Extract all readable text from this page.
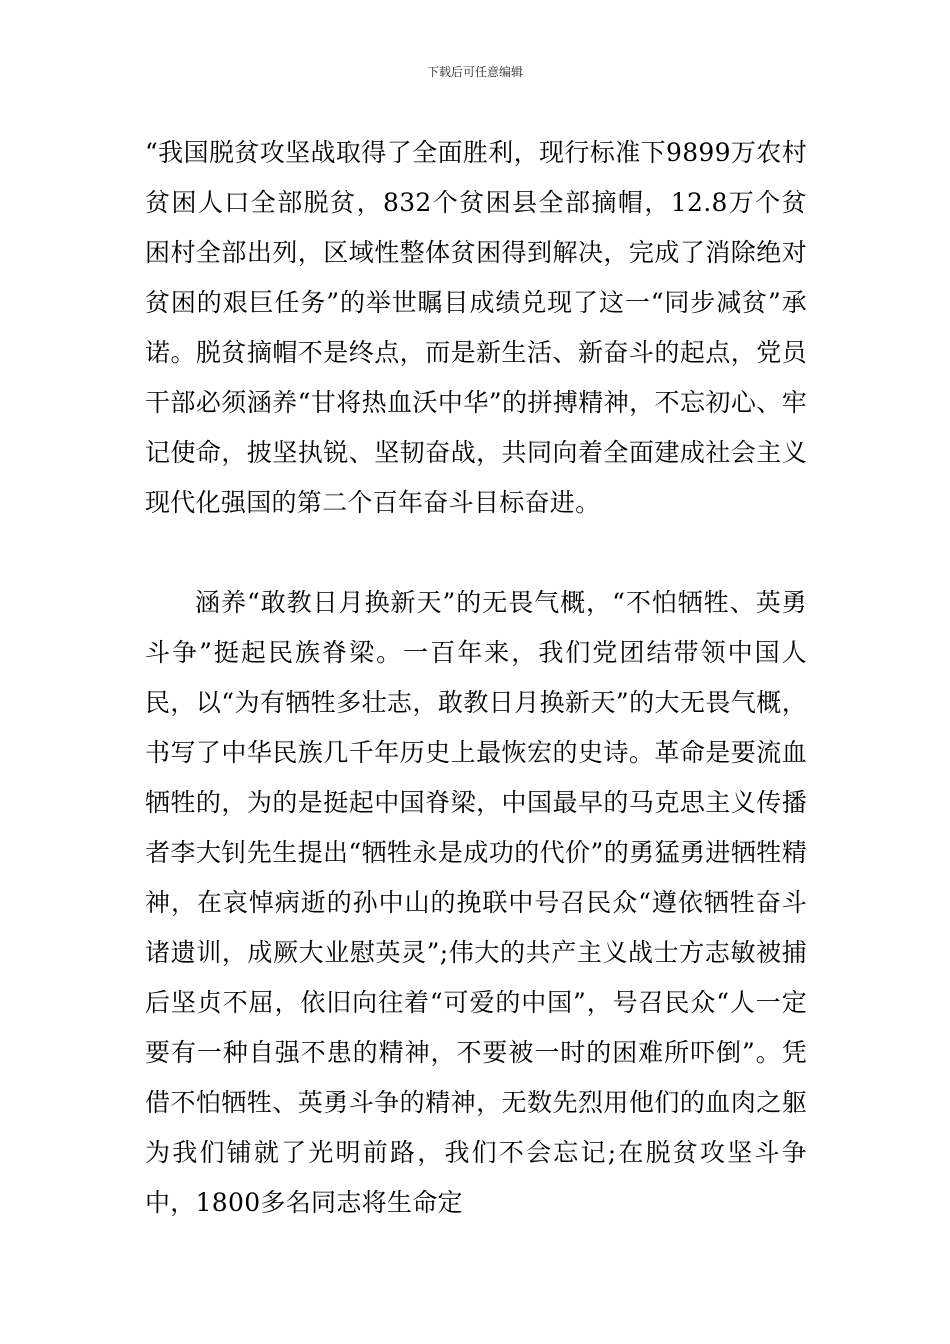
下载后可任意编辑

“我国脱贫攻坚战取得了全面胜利，现行标准下9899万农村贫困人口全部脱贫，832个贫困县全部摘帽，12.8万个贫困村全部出列，区域性整体贫困得到解决，完成了消除绝对贫困的艰巨任务”的举世瞩目成绩兑现了这一“同步减贫”承诺。脱贫摘帽不是终点，而是新生活、新奋斗的起点，党员干部必须涵养“甘将热血沃中华”的拼搏精神，不忘初心、牢记使命，披坚执锐、坚韧奋战，共同向着全面建成社会主义现代化强国的第二个百年奋斗目标奋进。

涵养“敢教日月换新天”的无畏气概，“不怕牺牲、英勇斗争”挺起民族脊梁。一百年来，我们党团结带领中国人民，以“为有牺牲多壮志，敢教日月换新天”的大无畏气概，书写了中华民族几千年历史上最恢宏的史诗。革命是要流血牺牲的，为的是挺起中国脊梁，中国最早的马克思主义传播者李大钊先生提出“牺牲永是成功的代价”的勇猛勇进牺牲精神，在哀悼病逝的孙中山的挽联中号召民众“遵依牺牲奋斗诸遗训，成厥大业慰英灵”;伟大的共产主义战士方志敏被捕后坚贞不屈，依旧向往着“可爱的中国”，号召民众“人一定要有一种自强不患的精神，不要被一时的困难所吓倒”。凭借不怕牺牲、英勇斗争的精神，无数先烈用他们的血肉之躯为我们铺就了光明前路，我们不会忘记;在脱贫攻坚斗争中，1800多名同志将生命定
